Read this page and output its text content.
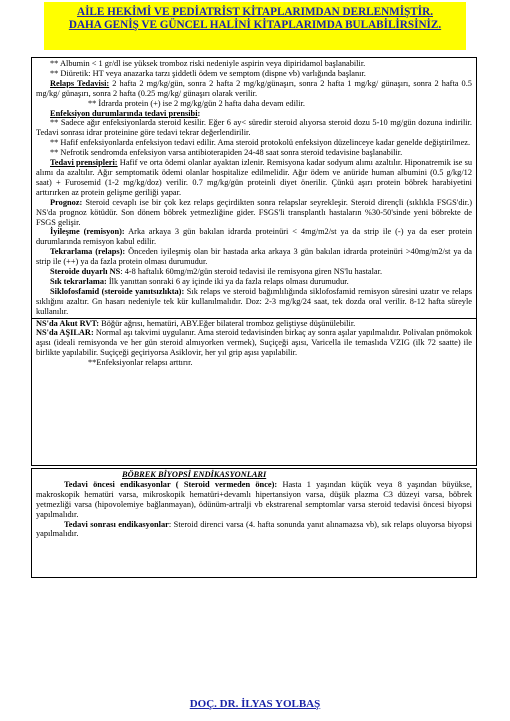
AİLE HEKİMİ VE PEDİATRİST KİTAPLARIMDAN DERLENMİŞTİR.
DAHA GENİŞ VE GÜNCEL HALİNİ KİTAPLARIMDA BULABİLİRSİNİZ.

** Albumin < 1 gr/dl ise yüksek tromboz riski nedeniyle aspirin veya dipiridamol başlanabilir.

** Diüretik: HT veya anazarka tarzı şiddetli ödem ve semptom (dispne vb) varlığında başlanır.

Relaps Tedavisi: 2 hafta 2 mg/kg/gün, sonra 2 hafta 2 mg/kg/günaşırı, sonra 2 hafta 1 mg/kg/ günaşırı, sonra 2 hafta 0.5 mg/kg/ günaşırı, sonra 2 hafta (0.25 mg/kg/ günaşırı olarak verilir.

** İdrarda protein (+) ise 2 mg/kg/gün 2 hafta daha devam edilir.

Enfeksiyon durumlarında tedavi prensibi:

** Sadece ağır enfeksiyonlarda steroid kesilir. Eğer 6 ay< süredir steroid alıyorsa steroid dozu 5-10 mg/gün dozuna indirilir. Tedavi sonrası idrar proteinine göre tedavi tekrar değerlendirilir.

** Hafif enfeksiyonlarda enfeksiyon tedavi edilir. Ama steroid protokolü enfeksiyon düzelinceye kadar genelde değiştirilmez.

** Nefrotik sendromda enfeksiyon varsa antibioterapiden 24-48 saat sonra steroid tedavisine başlanabilir.

Tedavi prensipleri: Hafif ve orta ödemi olanlar ayaktan izlenir. Remisyona kadar sodyum alımı azaltılır. Hiponatremik ise su alımı da azaltılır. Ağır semptomatik ödemi olanlar hospitalize edilmelidir. Ağır ödem ve anüride human albumini (0.5 g/kg/12 saat) + Furosemid (1-2 mg/kg/doz) verilir. 0.7 mg/kg/gün proteinli diyet önerilir. Çünkü aşırı protein böbrek harabiyetini arttırırken az protein gelişme geriliği yapar.

Prognoz: Steroid cevaplı ise bir çok kez relaps geçirdikten sonra relapslar seyrekleşir. Steroid dirençli (sıklıkla FSGS'dir.) NS'da prognoz kötüdür. Son dönem böbrek yetmezliğine gider. FSGS'li transplantlı hastaların %30-50'sinde yeni böbrekte de FSGS gelişir.

İyileşme (remisyon): Arka arkaya 3 gün bakılan idrarda proteinüri < 4mg/m2/st ya da strip ile (-) ya da eser protein durumlarında remisyon kabul edilir.

Tekrarlama (relaps): Önceden iyileşmiş olan bir hastada arka arkaya 3 gün bakılan idrarda proteinüri >40mg/m2/st ya da strip ile (++) ya da fazla protein olması durumudur.

Steroide duyarlı NS: 4-8 haftalık 60mg/m2/gün steroid tedavisi ile remisyona giren NS'lu hastalar.

Sık tekrarlama: İlk yanıttan sonraki 6 ay içinde iki ya da fazla relaps olması durumudur.

Siklofosfamid (steroide yanıtsızlıkta): Sık relaps ve steroid bağımlılığında siklofosfamid remisyon süresini uzatır ve relaps sıklığını azaltır. Gn hasarı nedeniyle tek kür kullanılmalıdır. Doz: 2-3 mg/kg/24 saat, tek dozda oral verilir. 8-12 hafta süreyle kullanılır.

NS'da Akut RVT: Böğür ağrısı, hematüri, ABY.Eğer bilateral tromboz geliştiyse düşünülebilir.

NS'da AŞILAR: Normal aşı takvimi uygulanır. Ama steroid tedavisinden birkaç ay sonra aşılar yapılmalıdır. Polivalan pnömokok aşısı (ideali remisyonda ve her gün steroid almıyorken vermek), Suçiçeği aşısı, Varicella ile temaslıda VZIG (ilk 72 saatte) ile birlikte yapılabilir. Suçiçeği geçiriyorsa Asiklovir, her yıl grip aşısı yapılabilir.

**Enfeksiyonlar relapsı arttırır.

BÖBREK BİYOPSİ ENDİKASYONLARI

Tedavi öncesi endikasyonlar ( Steroid vermeden önce): Hasta 1 yaşından küçük veya 8 yaşından büyükse, makroskopik hematüri varsa, mikroskopik hematüri+devamlı hipertansiyon varsa, düşük plazma C3 düzeyi varsa, böbrek yetmezliği varsa (hipovolemiye bağlanmayan), ödünüm-artralji vb ekstrarenal semptomlar varsa steroid tedavisi öncesi biyopsi yapılmalıdır.

Tedavi sonrası endikasyonlar: Steroid direnci varsa (4. hafta sonunda yanıt alınamazsa vb), sık relaps oluyorsa biyopsi yapılmalıdır.

DOÇ. DR. İLYAS YOLBAŞ
